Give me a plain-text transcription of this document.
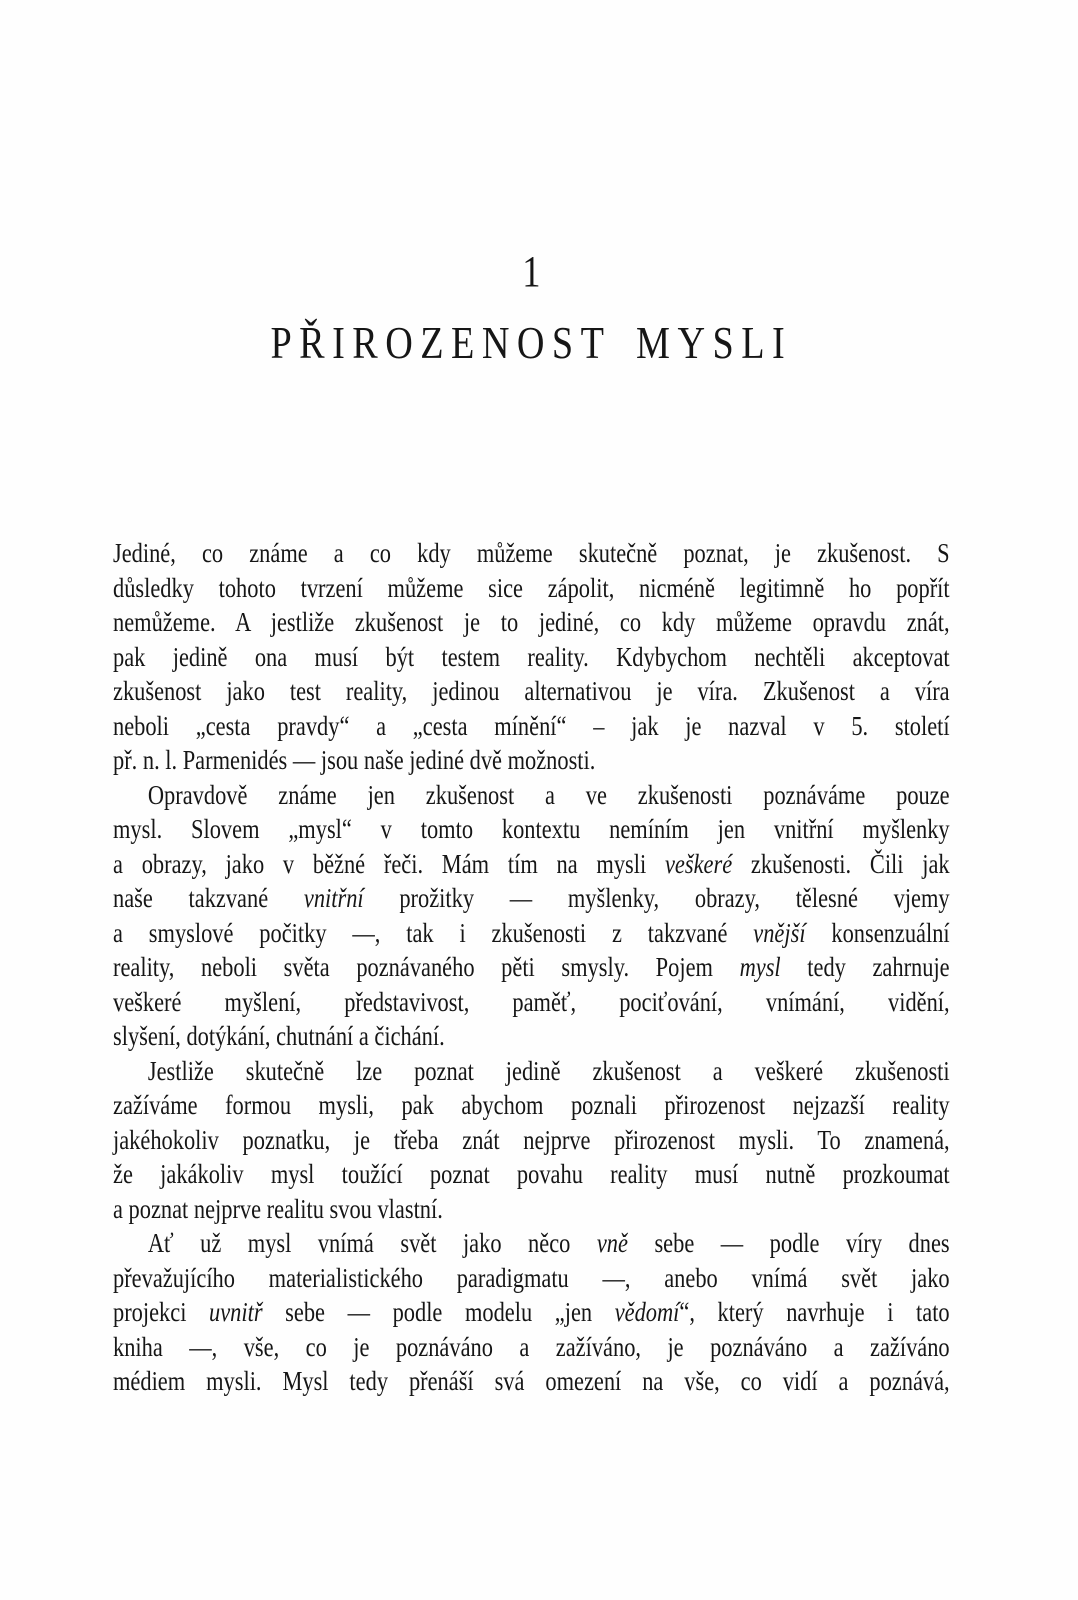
1
PŘIROZENOST MYSLI
Jediné, co známe a co kdy můžeme skutečně poznat, je zkušenost. S
důsledky tohoto tvrzení můžeme sice zápolit, nicméně legitimně ho popřít
nemůžeme. A jestliže zkušenost je to jediné, co kdy můžeme opravdu znát,
pak jedině ona musí být testem reality. Kdybychom nechtěli akceptovat
zkušenost jako test reality, jedinou alternativou je víra. Zkušenost a víra
neboli „cesta pravdy“ a „cesta mínění“ – jak je nazval v 5. století
př. n. l. Parmenidés — jsou naše jediné dvě možnosti.
Opravdově známe jen zkušenost a ve zkušenosti poznáváme pouze
mysl. Slovem „mysl“ v tomto kontextu nemíním jen vnitřní myšlenky
a obrazy, jako v běžné řeči. Mám tím na mysli veškeré zkušenosti. Čili jak
naše takzvané vnitřní prožitky — myšlenky, obrazy, tělesné vjemy
a smyslové počitky —, tak i zkušenosti z takzvané vnější konsenzuální
reality, neboli světa poznávaného pěti smysly. Pojem mysl tedy zahrnuje
veškeré myšlení, představivost, paměť, pociťování, vnímání, vidění,
slyšení, dotýkání, chutnání a čichání.
Jestliže skutečně lze poznat jedině zkušenost a veškeré zkušenosti
zažíváme formou mysli, pak abychom poznali přirozenost nejzazší reality
jakéhokoliv poznatku, je třeba znát nejprve přirozenost mysli. To znamená,
že jakákoliv mysl toužící poznat povahu reality musí nutně prozkoumat
a poznat nejprve realitu svou vlastní.
Ať už mysl vnímá svět jako něco vně sebe — podle víry dnes
převažujícího materialistického paradigmatu —, anebo vnímá svět jako
projekci uvnitř sebe — podle modelu „jen vědomí“, který navrhuje i tato
kniha —, vše, co je poznáváno a zažíváno, je poznáváno a zažíváno
médiem mysli. Mysl tedy přenáší svá omezení na vše, co vidí a poznává,
